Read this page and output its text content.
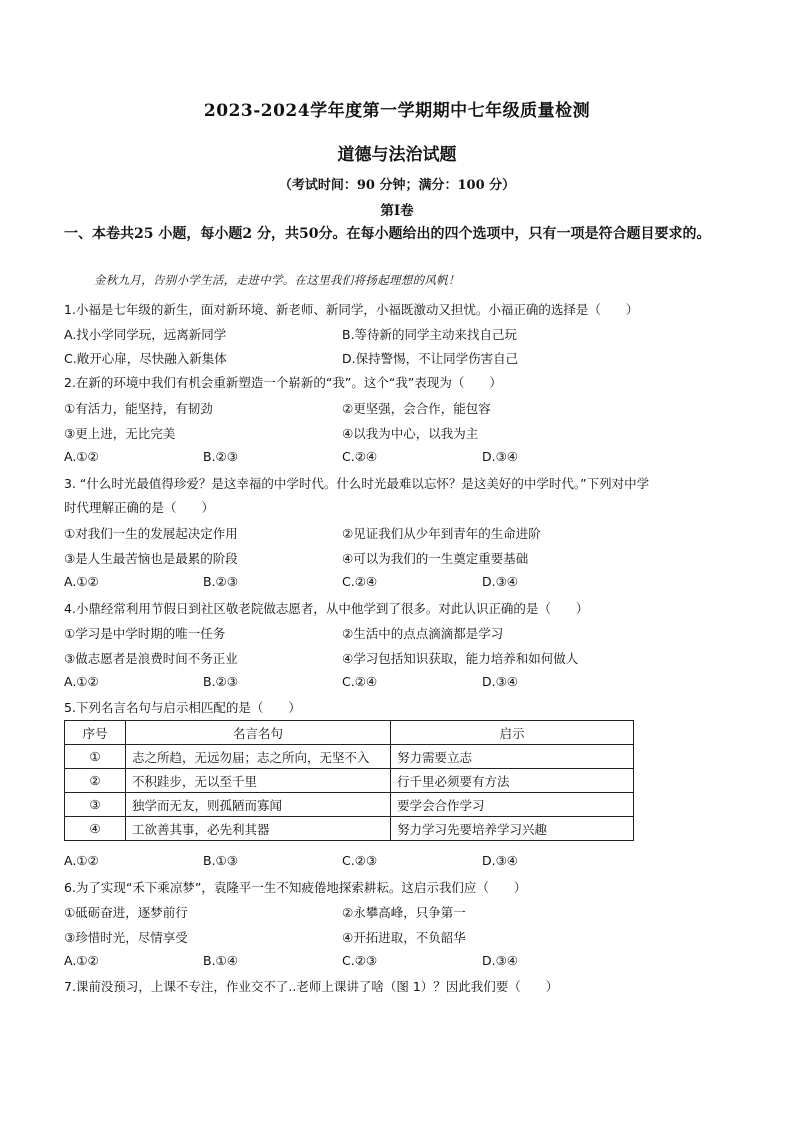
2023-2024学年度第一学期期中七年级质量检测
道德与法治试题
（考试时间：90 分钟；满分：100 分）
第Ⅰ卷
一、本卷共25 小题，每小题2 分，共50分。在每小题给出的四个选项中，只有一项是符合题目要求的。
金秋九月，告别小学生活，走进中学。在这里我们将扬起理想的风帆！
1.小福是七年级的新生，面对新环境、新老师、新同学，小福既激动又担忧。小福正确的选择是（　　）
A.找小学同学玩，远离新同学	B.等待新的同学主动来找自己玩
C.敞开心扉，尽快融入新集体	D.保持警惕，不让同学伤害自己
2.在新的环境中我们有机会重新塑造一个崭新的“我”。这个“我”表现为（　　）
①有活力，能坚持，有韧劲	②更坚强，会合作，能包容
③更上进，无比完美	④以我为中心，以我为主
A.①②	B.②③	C.②④	D.③④
3. “什么时光最值得珍爱？是这幸福的中学时代。什么时光最难以忘怀？是这美好的中学时代。”下列对中学
时代理解正确的是（　　）
①对我们一生的发展起决定作用	②见证我们从少年到青年的生命进阶
③是人生最苦恼也是最累的阶段	④可以为我们的一生奠定重要基础
A.①②	B.②③	C.②④	D.③④
4.小鼎经常利用节假日到社区敬老院做志愿者，从中他学到了很多。对此认识正确的是（　　）
①学习是中学时期的唯一任务	②生活中的点点滴滴都是学习
③做志愿者是浪费时间不务正业	④学习包括知识获取，能力培养和如何做人
A.①②	B.②③	C.②④	D.③④
5.下列名言名句与启示相匹配的是（　　）
序号	名言名句	启示
①	志之所趋，无远勿届；志之所向，无坚不入	努力需要立志
②	不积跬步，无以至千里	行千里必须要有方法
③	独学而无友，则孤陋而寡闻	要学会合作学习
④	工欲善其事，必先利其器	努力学习先要培养学习兴趣
A.①②	B.①③	C.②③	D.③④
6.为了实现“禾下乘凉梦”，袁隆平一生不知疲倦地探索耕耘。这启示我们应（　　）
①砥砺奋进，逐梦前行	②永攀高峰，只争第一
③珍惜时光，尽情享受	④开拓进取，不负韶华
A.①②	B.①④	C.②③	D.③④
7.课前没预习，上课不专注，作业交不了..老师上课讲了啥（图 1）？因此我们要（　　）
